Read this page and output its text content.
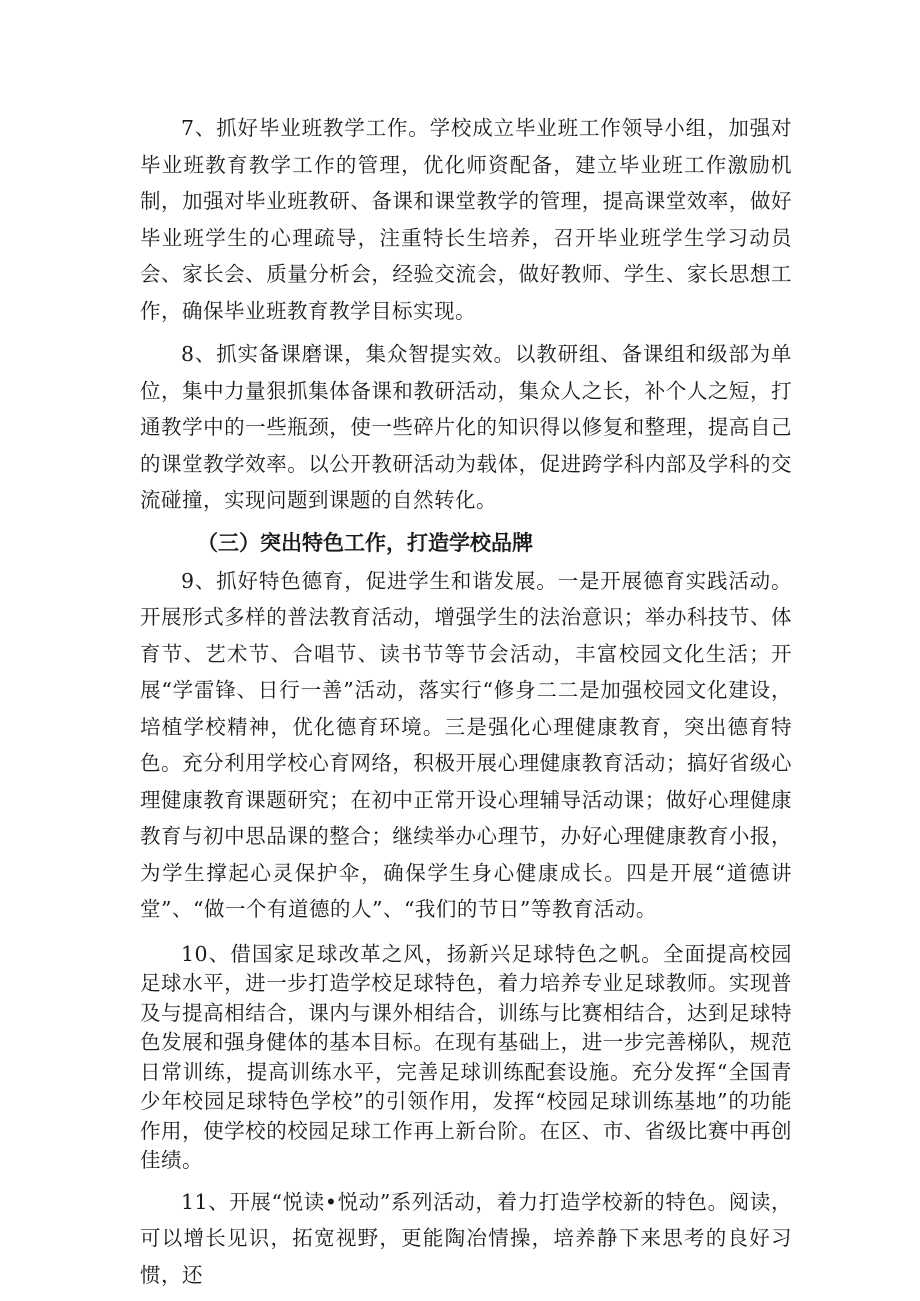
7、抓好毕业班教学工作。学校成立毕业班工作领导小组，加强对毕业班教育教学工作的管理，优化师资配备，建立毕业班工作激励机制，加强对毕业班教研、备课和课堂教学的管理，提高课堂效率，做好毕业班学生的心理疏导，注重特长生培养，召开毕业班学生学习动员会、家长会、质量分析会，经验交流会，做好教师、学生、家长思想工作，确保毕业班教育教学目标实现。

8、抓实备课磨课，集众智提实效。以教研组、备课组和级部为单位，集中力量狠抓集体备课和教研活动，集众人之长，补个人之短，打通教学中的一些瓶颈，使一些碎片化的知识得以修复和整理，提高自己的课堂教学效率。以公开教研活动为载体，促进跨学科内部及学科的交流碰撞，实现问题到课题的自然转化。

（三）突出特色工作，打造学校品牌

9、抓好特色德育，促进学生和谐发展。一是开展德育实践活动。开展形式多样的普法教育活动，增强学生的法治意识；举办科技节、体育节、艺术节、合唱节、读书节等节会活动，丰富校园文化生活；开展“学雷锋、日行一善”活动，落实行“修身二二是加强校园文化建设，培植学校精神，优化德育环境。三是强化心理健康教育，突出德育特色。充分利用学校心育网络，积极开展心理健康教育活动；搞好省级心理健康教育课题研究；在初中正常开设心理辅导活动课；做好心理健康教育与初中思品课的整合；继续举办心理节，办好心理健康教育小报，为学生撑起心灵保护伞，确保学生身心健康成长。四是开展“道德讲堂”、“做一个有道德的人”、“我们的节日”等教育活动。

10、借国家足球改革之风，扬新兴足球特色之帆。全面提高校园足球水平，进一步打造学校足球特色，着力培养专业足球教师。实现普及与提高相结合，课内与课外相结合，训练与比赛相结合，达到足球特色发展和强身健体的基本目标。在现有基础上，进一步完善梯队，规范日常训练，提高训练水平，完善足球训练配套设施。充分发挥“全国青少年校园足球特色学校”的引领作用，发挥“校园足球训练基地”的功能作用，使学校的校园足球工作再上新台阶。在区、市、省级比赛中再创佳绩。

11、开展“悦读•悦动”系列活动，着力打造学校新的特色。阅读，可以增长见识，拓宽视野，更能陶冶情操，培养静下来思考的良好习惯，还
